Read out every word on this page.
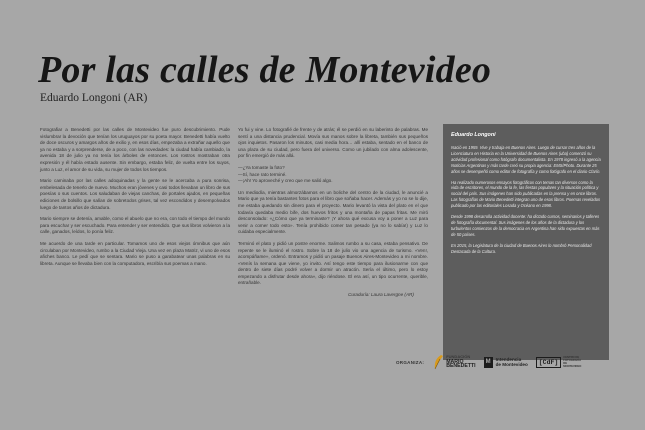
Por las calles de Montevideo

Eduardo Longoni (AR)

Fotografiar a Benedetti por las calles de Montevideo fue puro descubrimiento. Pude vislumbrar la devoción que tenían los uruguayos por su poeta mayor. Benedetti había vuelto de doce oscuros y amargos años de exilio y, en esos días, empezaba a extrañar aquello que ya no estaba y a sorprenderse, de a poco, con las novedades: la ciudad había cambiado, la avenida 18 de julio ya no tenía los árboles de entonces. Los rostros mostraban otra expresión y él había estado ausente. Sin embargo, estaba feliz, de vuelta entre los suyos, junto a Luz, el amor de su vida, su mujer de todos los tiempos.

Mario caminaba por las calles adoquinadas y la gente se le acercaba a pura sonrisa, embelesada de tenerlo de nuevo. Muchos eran jóvenes y casi todos llevaban un libro de sus poesías o sus cuentos. Los saludaban de viejas canchas, de portales ajados, en pequeñas ediciones de bolsillo que salían de sobretodos grises, tal vez escondidos y desempolvados luego de tantos años de dictadura.

Mario siempre se detenía, amable, como el abuelo que no era, con todo el tiempo del mundo para escuchar y ser escuchado. Para entender y ser entendido. Que sus libros volvieron a la calle, ganados, leídos, lo ponía feliz.

Me acuerdo de una tarde en particular. Tomamos uno de esos viejos ómnibus que aún circulaban por Montevideo, rumbo a la Ciudad Vieja. Una vez en plaza Matriz, vi uno de esos afiches banco. Le pedí que se sentara. Mario se puso a garabatear unas palabras en su libreta. Aunque se llevaba bien con la computadora, escribía sus poemas a mano.

Yo fui y vine. Lo fotografié de frente y de atrás; él se perdió en su laberinto de palabras. Me sentí a una distancia prudencial. Movía sus manos sobre la libreta, también sus pequeños ojos inquietos. Pasaron los minutos, casi media hora… allí estaba, sentado en el banco de una plaza de su ciudad, pero fuera del universo. Como un jubilado con alma adolescente, por fin emergió de más allá.

—¿Ya tomaste la foto?
—Sí, hace rato terminé.
—¡Ah! Yo aproveché y creo que me salió algo.

Un mediodía, mientras almorzábamos en un boliche del centro de la ciudad, le anuncié a Mario que ya tenía bastantes fotos para el libro que soñaba hacer. Además y yo no se lo dije, me estaba quedando sin dinero para el proyecto. Mario levantó la vista del plato en el que todavía quedaba medio bife, dos huevos fritos y una montaña de papas fritas. Me miró desconsolado: «¿Cómo que ya terminaste? ¡Y ahora qué excusa voy a poner a Luz para venir a comer todo esto». Tenía prohibido comer tan pesado (ya no lo sabía!) y Luz lo cuidaba especialmente.

Terminó el plato y pidió un postre enorme. Salimos rumbo a su casa, estaba pensativo. De repente se le iluminó el rostro. Sobre la 18 de julio vio una agencia de turismo. «Ven!, acompáñame», ordenó. Entramos y pidió un pasaje Buenos Aires-Montevideo a mi nombre. «Venís la semana que viene, yo invito. Así tengo este tiempo para ilusionarme con que dentro de siete días podré volver a dormir un atracón. Sería el último, pero lo estoy empezando a disfrutar desde ahora», dijo riéndose. El era así, un tipo ocurrente, querible, entrañable.

Curaduría: Laura Lavergne (AR)
Eduardo Longoni

Nació en 1959. Vive y trabaja en Buenos Aires. Luego de cursar tres años de la Licenciatura en Historia en la Universidad de Buenos Aires (uba) comenzó su actividad profesional como fotógrafo documentalista. En 1978 ingresó a la agencia Noticias Argentinas y más tarde creó su propia agencia: EMS/Photo. Durante 25 años se desempeñó como editor de fotografía y como fotógrafo en el diario Clarín.

Ha realizado numerosos ensayos fotográficos con temas tan diversos como la vida de escritores, el mundo de la fe, las fiestas populares y la situación política y social del país. Sus imágenes han sido publicadas en la prensa y en once libros. Las fotografías de Mario Benedetti integran uno de esos libros. Poemas revelados publicado por las editoriales Losada y Océano en 1998.

Desde 1998 desarrolla actividad docente: ha dictado cursos, seminarios y talleres de fotografía documental. Sus imágenes de los años de la dictadura y los turbulentos comienzos de la democracia en Argentina han sido expuestas en más de 50 países.

En 2015, la Legislatura de la ciudad de Buenos Aires lo nombró Personalidad Destacada de la Cultura.

ORGANIZA:
FUNDACIÓN
MARIO
BENEDETTI
M	Intendencia
de Montevideo	[CdF]
CENTRO DE FOTOGRAFÍA DE MONTEVIDEO
